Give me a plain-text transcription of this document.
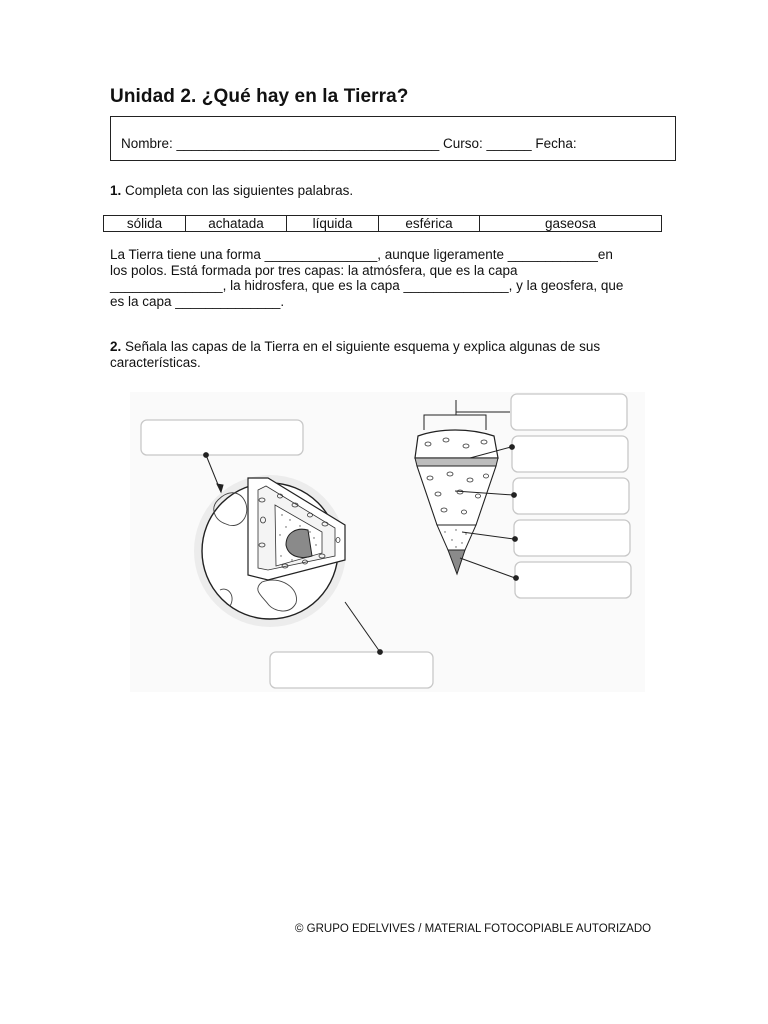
Unidad 2. ¿Qué hay en la Tierra?
Nombre: ___________________________________ Curso: ______ Fecha:
1. Completa con las siguientes palabras.
sólida	achatada	líquida	esférica	gaseosa
La Tierra tiene una forma _______________, aunque ligeramente ____________en
los polos. Está formada por tres capas: la atmósfera, que es la capa
_______________, la hidrosfera, que es la capa ______________, y la geosfera, que
es la capa ______________.
2. Señala las capas de la Tierra en el siguiente esquema y explica algunas de sus
características.
© GRUPO EDELVIVES / MATERIAL FOTOCOPIABLE AUTORIZADO
